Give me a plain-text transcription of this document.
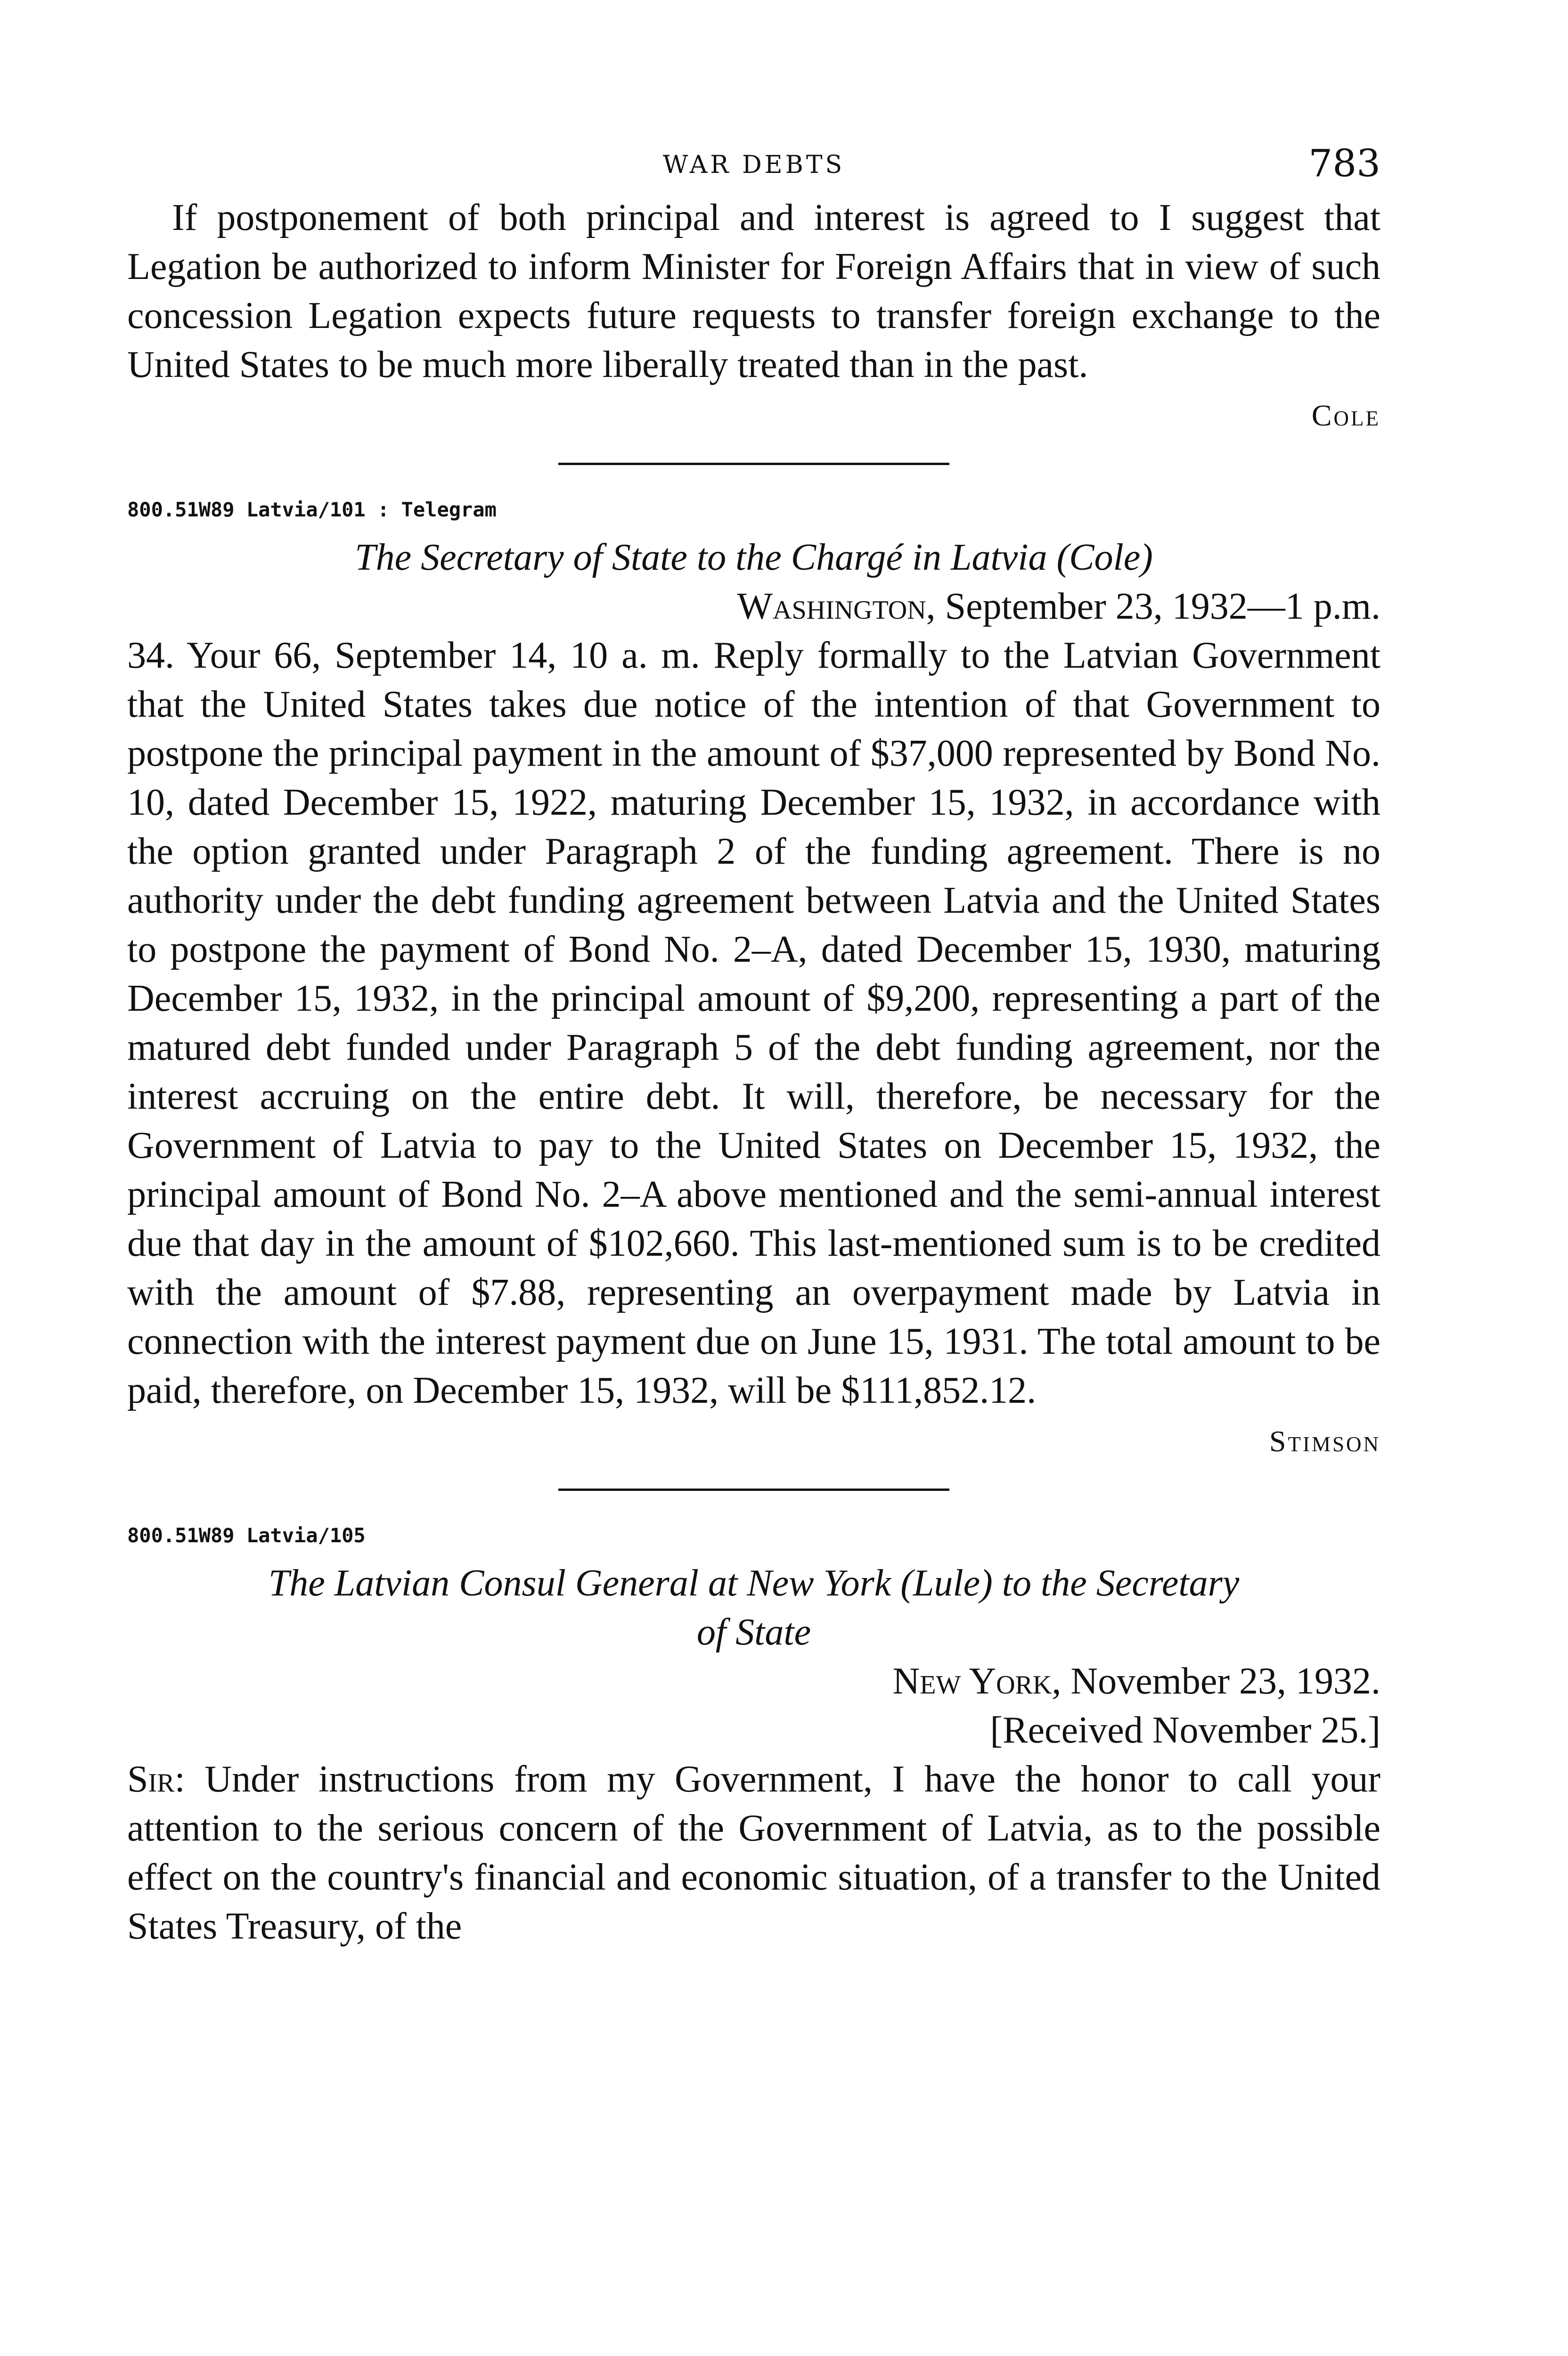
WAR DEBTS	783

If postponement of both principal and interest is agreed to I suggest that Legation be authorized to inform Minister for Foreign Affairs that in view of such concession Legation expects future requests to transfer foreign exchange to the United States to be much more liberally treated than in the past.

Cole
800.51W89 Latvia/101 : Telegram

The Secretary of State to the Chargé in Latvia (Cole)

Washington, September 23, 1932—1 p.m.

34. Your 66, September 14, 10 a. m. Reply formally to the Latvian Government that the United States takes due notice of the intention of that Government to postpone the principal payment in the amount of $37,000 represented by Bond No. 10, dated December 15, 1922, maturing December 15, 1932, in accordance with the option granted under Paragraph 2 of the funding agreement. There is no authority under the debt funding agreement between Latvia and the United States to postpone the payment of Bond No. 2–A, dated December 15, 1930, maturing December 15, 1932, in the principal amount of $9,200, representing a part of the matured debt funded under Paragraph 5 of the debt funding agreement, nor the interest accruing on the entire debt. It will, therefore, be necessary for the Government of Latvia to pay to the United States on December 15, 1932, the principal amount of Bond No. 2–A above mentioned and the semi-annual interest due that day in the amount of $102,660. This last-mentioned sum is to be credited with the amount of $7.88, representing an overpayment made by Latvia in connection with the interest payment due on June 15, 1931. The total amount to be paid, therefore, on December 15, 1932, will be $111,852.12.

Stimson
800.51W89 Latvia/105

The Latvian Consul General at New York (Lule) to the Secretary

of State

New York, November 23, 1932.

[Received November 25.]

Sir: Under instructions from my Government, I have the honor to call your attention to the serious concern of the Government of Latvia, as to the possible effect on the country's financial and economic situation, of a transfer to the United States Treasury, of the
